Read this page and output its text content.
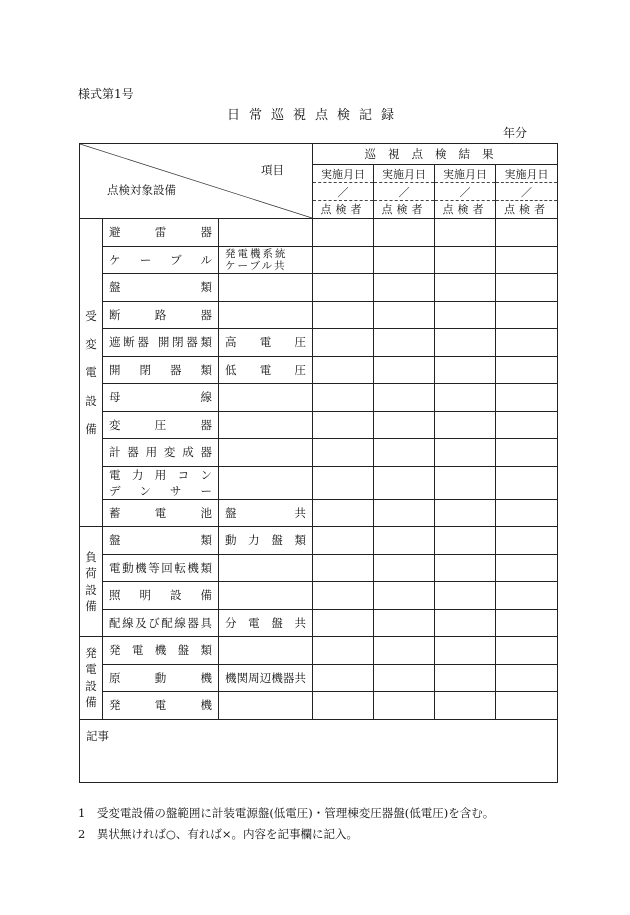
様式第1号
日常巡視点検記録
年分
項目
点検対象設備			巡視点検結果			
			実施月日	実施月日	実施月日	実施月日
			／	／	／	／
			点検者	点検者	点検者	点検者

受
変
電
設
備	避雷器					

	ケーブル	発電機系統
ケーブル共				

	盤類					

	断路器					

	遮断器 開閉器類	高電圧				

	開閉器類	低電圧				

	母線					

	変圧器					

	計器用変成器					

	電力用コン
デンサー					

	蓄電池	盤共				

負
荷
設
備	盤類	動力盤類				

	電動機等回転機類					

	照明設備					

	配線及び配線器具	分電盤共				

発
電
設
備	発電機盤類					

	原動機	機関周辺機器共				

	発電機					

記事						
1　受変電設備の盤範囲に計装電源盤(低電圧)・管理棟変圧器盤(低電圧)を含む。
2　異状無ければ○、有れば×。内容を記事欄に記入。
